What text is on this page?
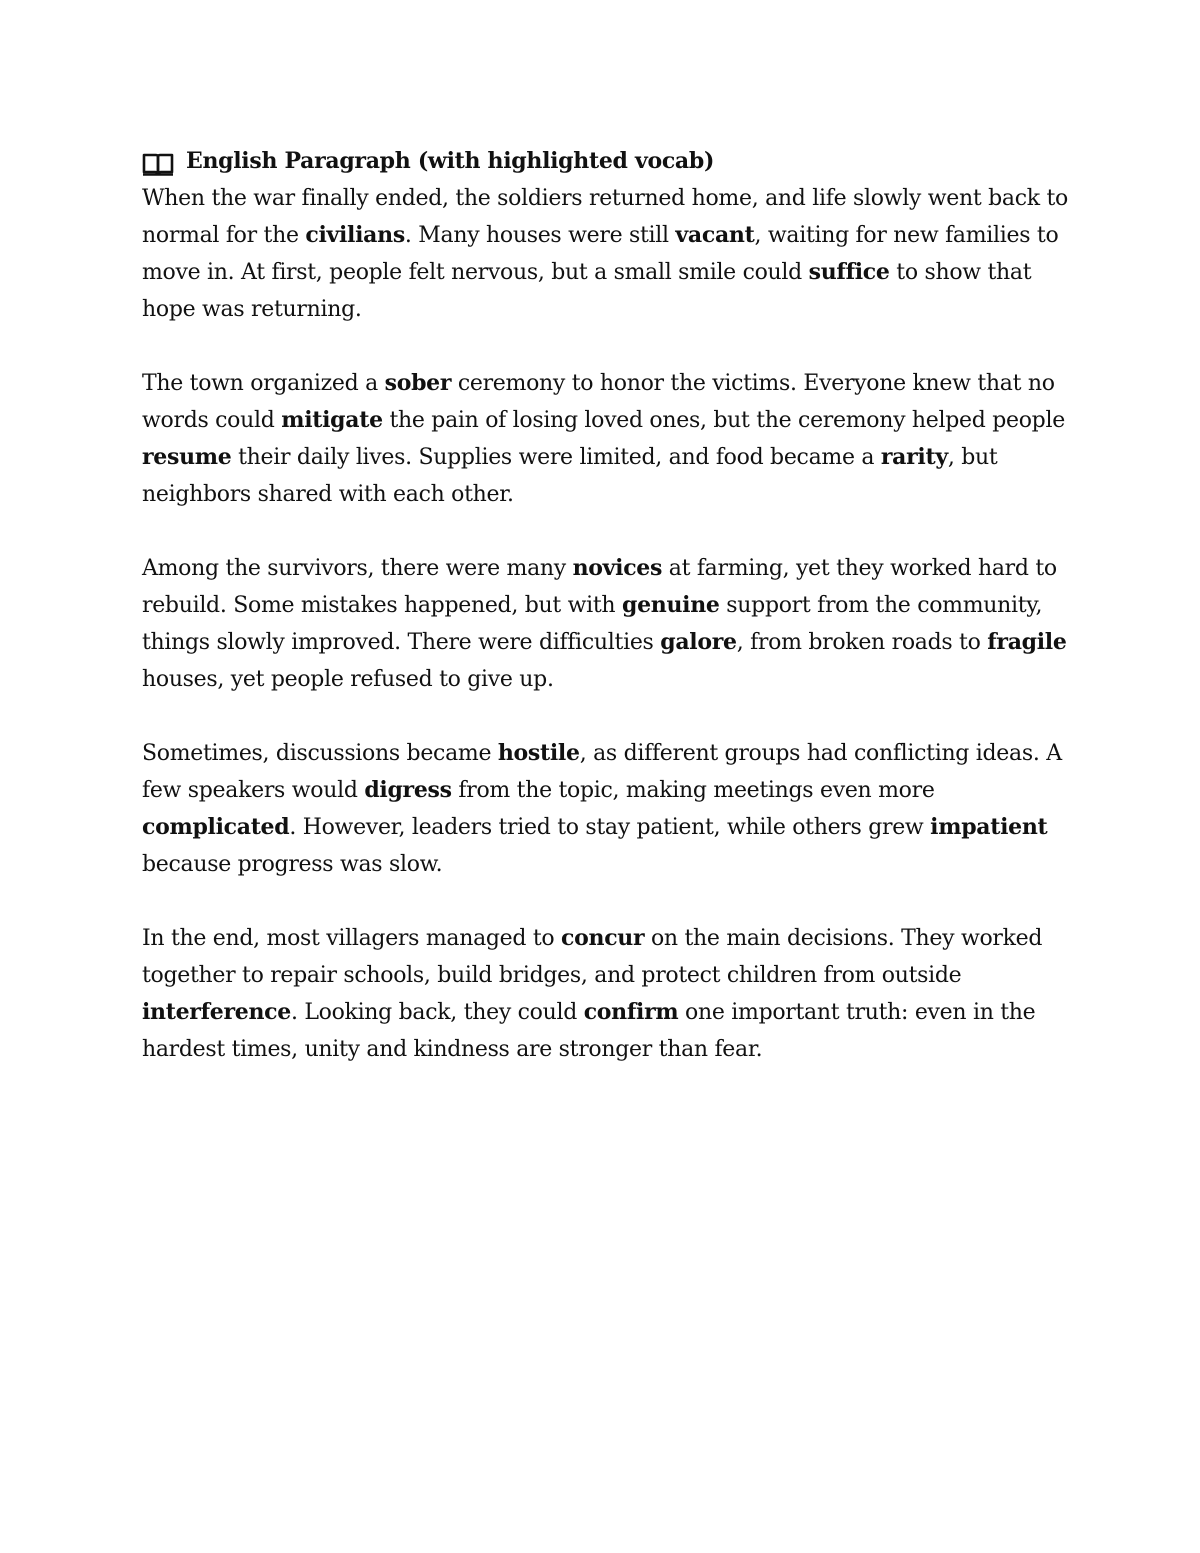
English Paragraph (with highlighted vocab)

When the war finally ended, the soldiers returned home, and life slowly went back to normal for the civilians. Many houses were still vacant, waiting for new families to move in. At first, people felt nervous, but a small smile could suffice to show that hope was returning.

The town organized a sober ceremony to honor the victims. Everyone knew that no words could mitigate the pain of losing loved ones, but the ceremony helped people resume their daily lives. Supplies were limited, and food became a rarity, but neighbors shared with each other.

Among the survivors, there were many novices at farming, yet they worked hard to rebuild. Some mistakes happened, but with genuine support from the community, things slowly improved. There were difficulties galore, from broken roads to fragile houses, yet people refused to give up.

Sometimes, discussions became hostile, as different groups had conflicting ideas. A few speakers would digress from the topic, making meetings even more complicated. However, leaders tried to stay patient, while others grew impatient because progress was slow.

In the end, most villagers managed to concur on the main decisions. They worked together to repair schools, build bridges, and protect children from outside interference. Looking back, they could confirm one important truth: even in the hardest times, unity and kindness are stronger than fear.
